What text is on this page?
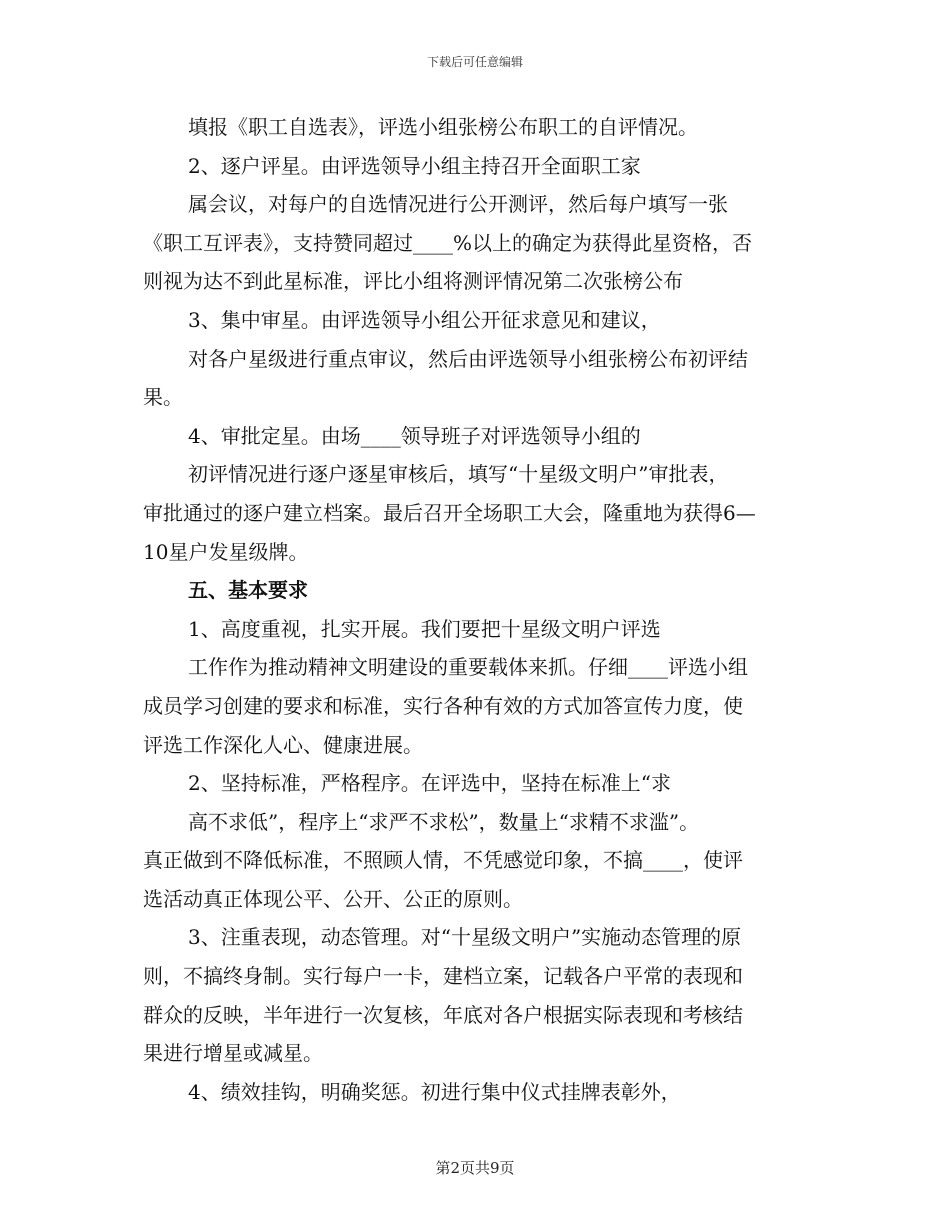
下载后可任意编辑
填报《职工自选表》，评选小组张榜公布职工的自评情况。
2、逐户评星。由评选领导小组主持召开全面职工家
属会议，对每户的自选情况进行公开测评，然后每户填写一张
《职工互评表》，支持赞同超过____%以上的确定为获得此星资格，否
则视为达不到此星标准，评比小组将测评情况第二次张榜公布
3、集中审星。由评选领导小组公开征求意见和建议，
对各户星级进行重点审议，然后由评选领导小组张榜公布初评结
果。
4、审批定星。由场____领导班子对评选领导小组的
初评情况进行逐户逐星审核后，填写“十星级文明户”审批表，
审批通过的逐户建立档案。最后召开全场职工大会，隆重地为获得6—
10星户发星级牌。
五、基本要求
1、高度重视，扎实开展。我们要把十星级文明户评选
工作作为推动精神文明建设的重要载体来抓。仔细____评选小组
成员学习创建的要求和标准，实行各种有效的方式加答宣传力度，使
评选工作深化人心、健康进展。
2、坚持标准，严格程序。在评选中，坚持在标准上“求
高不求低”，程序上“求严不求松”，数量上“求精不求滥”。
真正做到不降低标准，不照顾人情，不凭感觉印象，不搞____，使评
选活动真正体现公平、公开、公正的原则。
3、注重表现，动态管理。对“十星级文明户”实施动态管理的原
则，不搞终身制。实行每户一卡，建档立案，记载各户平常的表现和
群众的反映，半年进行一次复核，年底对各户根据实际表现和考核结
果进行增星或减星。
4、绩效挂钩，明确奖惩。初进行集中仪式挂牌表彰外，
第2页共9页
